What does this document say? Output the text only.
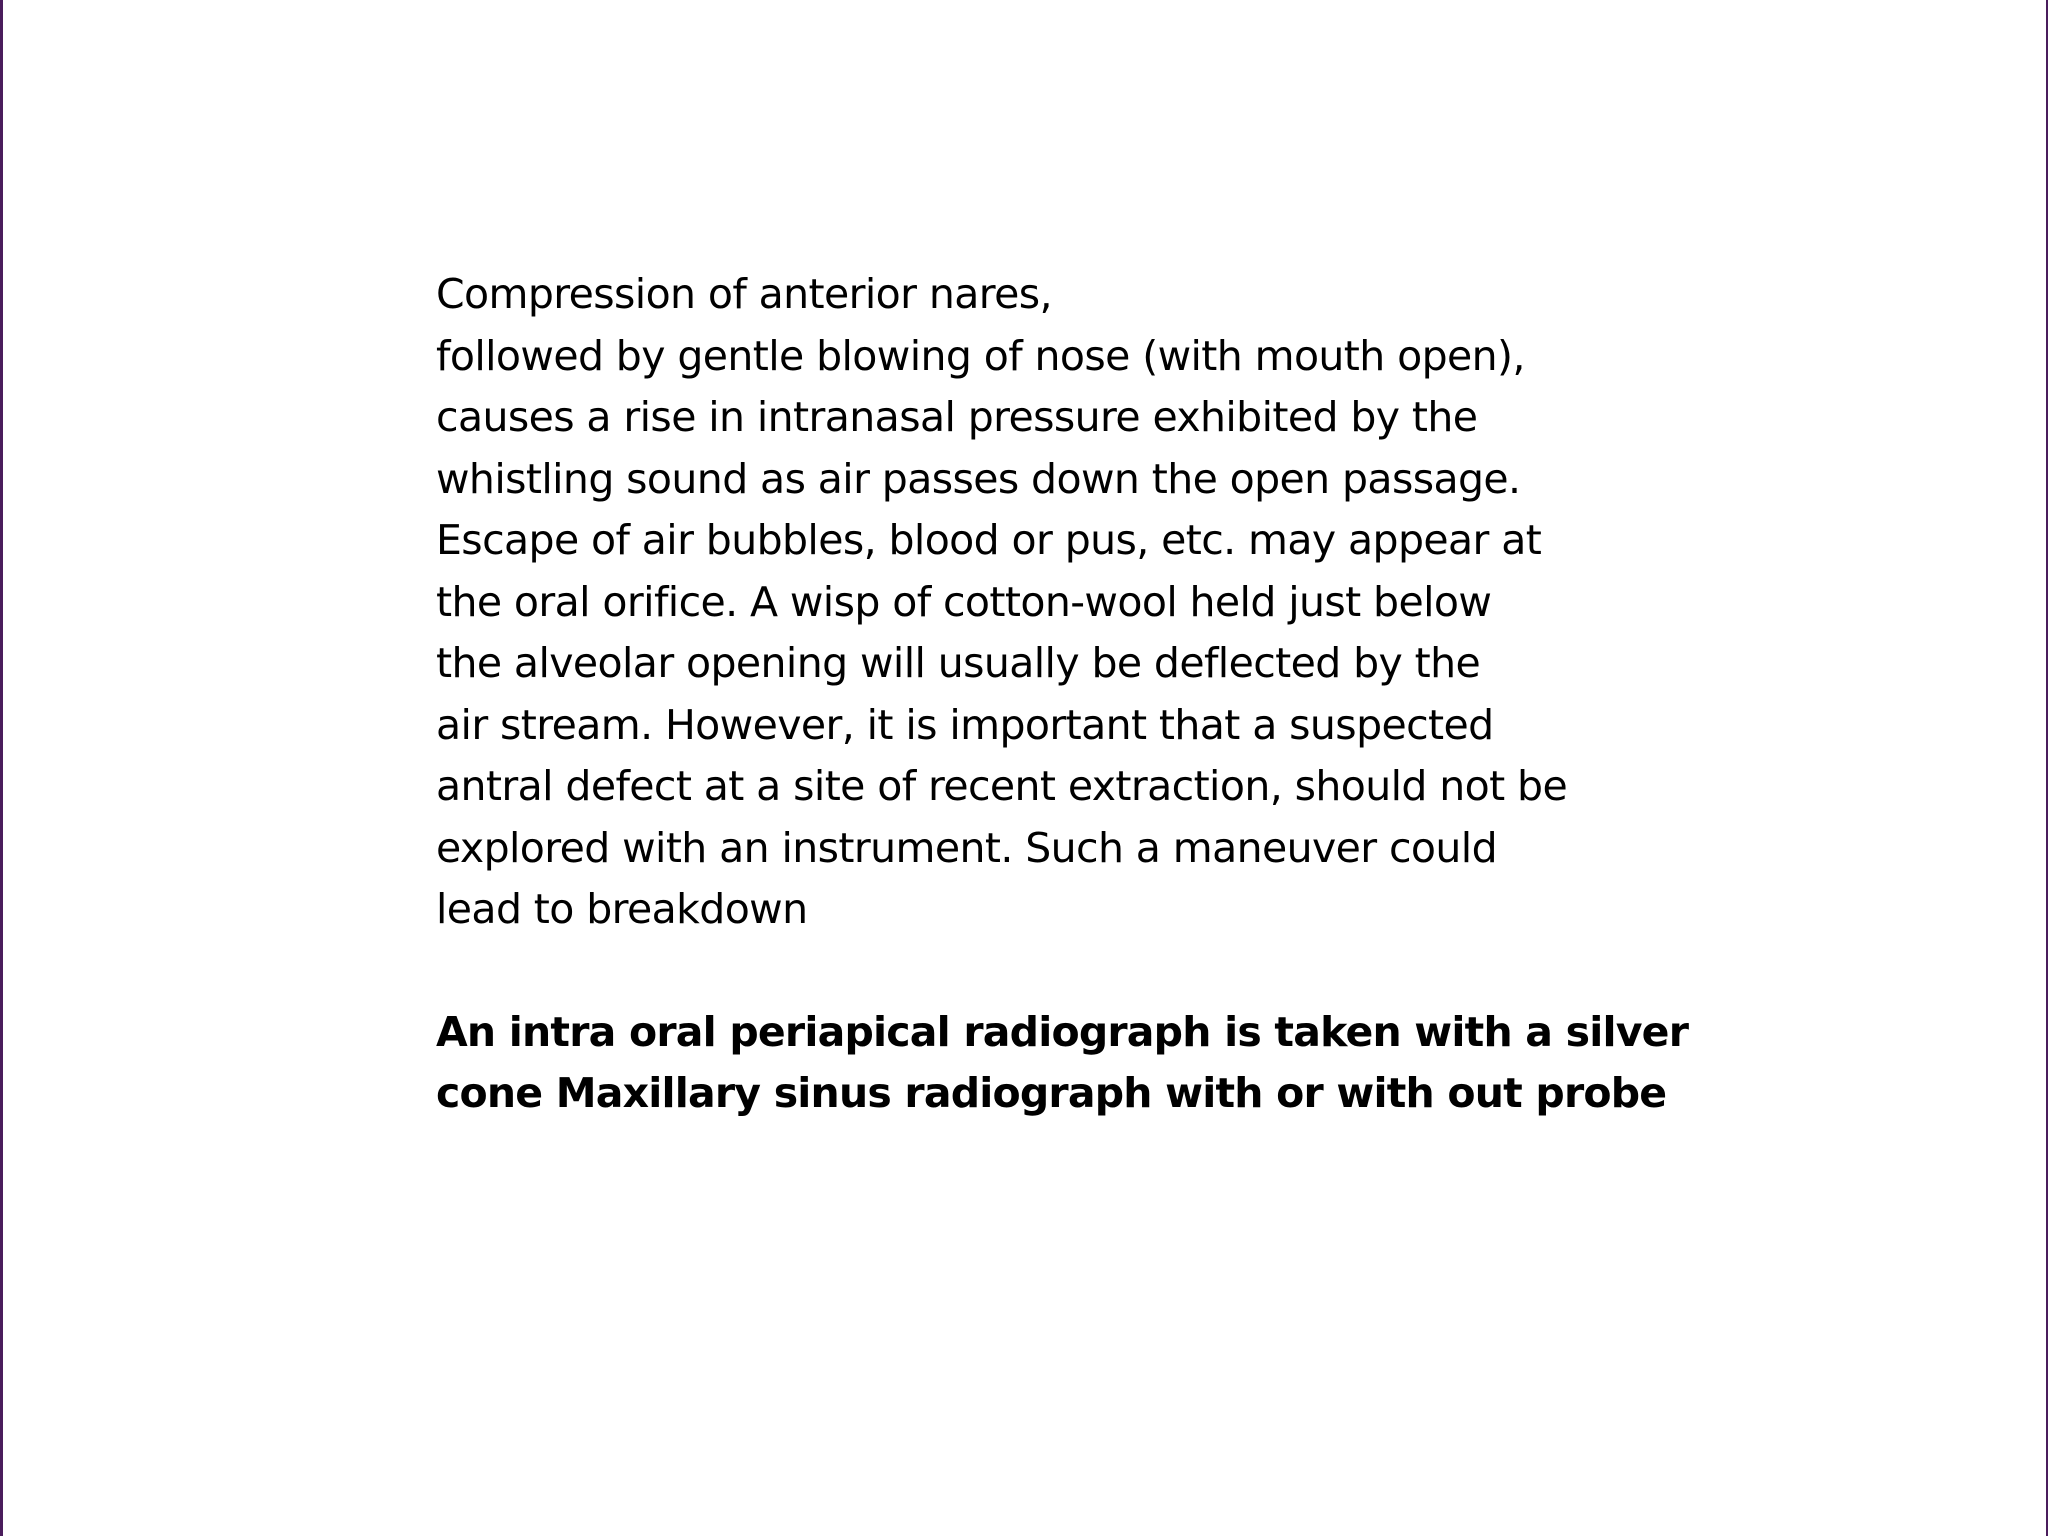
Compression of anterior nares,
followed by gentle blowing of nose (with mouth open),
causes a rise in intranasal pressure exhibited by the
whistling sound as air passes down the open passage.
Escape of air bubbles, blood or pus, etc. may appear at
the oral orifice. A wisp of cotton-wool held just below
the alveolar opening will usually be deflected by the
air stream. However, it is important that a suspected
antral defect at a site of recent extraction, should not be
explored with an instrument. Such a maneuver could
lead to breakdown
An intra oral periapical radiograph is taken with a silver
cone Maxillary sinus radiograph with or with out probe
